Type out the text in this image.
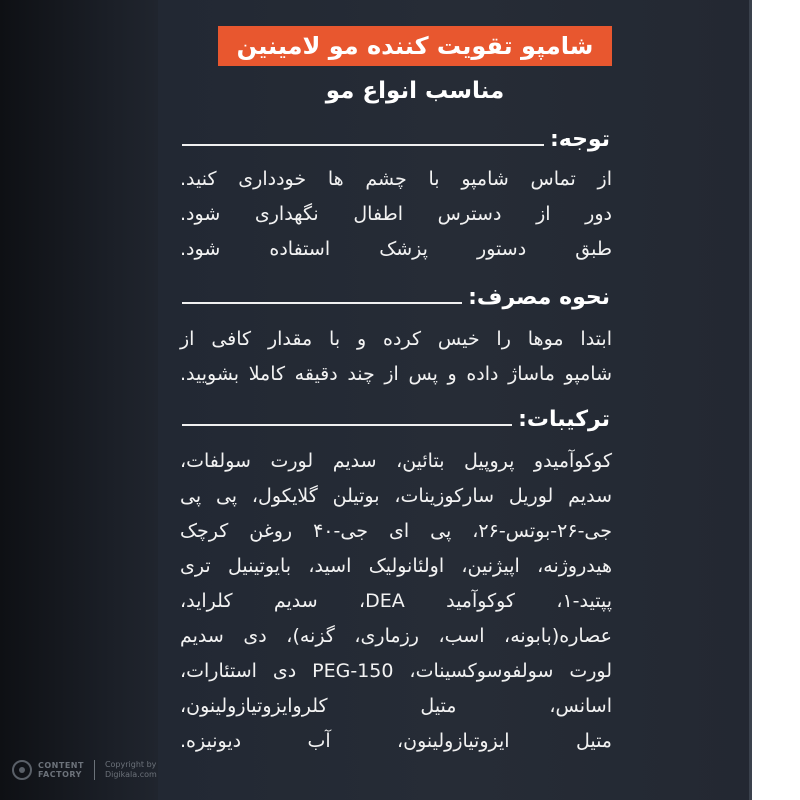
شامپو تقویت کننده مو لامینین
مناسب انواع مو
توجه:
از تماس شامپو با چشم ها خودداری کنید.
دور از دسترس اطفال نگهداری شود.
طبق دستور پزشک استفاده شود.
نحوه مصرف:
ابتدا موها را خیس کرده و با مقدار کافی از
شامپو ماساژ داده و پس از چند دقیقه کاملا بشویید.
ترکیبات:
کوکوآمیدو پروپیل بتائین، سدیم لورت سولفات،
سدیم لوریل سارکوزینات، بوتیلن گلایکول، پی پی
جی-۲۶-بوتس-۲۶، پی ای جی-۴۰ روغن کرچک
هیدروژنه، اپیژنین، اولئانولیک اسید، بایوتینیل تری
پپتید-۱، کوکوآمید DEA، سدیم کلراید،
عصاره(بابونه، اسب، رزماری، گزنه)، دی سدیم
لورت سولفوسوکسینات، PEG-150 دی استئارات،
اسانس، متیل کلروایزوتیازولینون،
متیل ایزوتیازولینون، آب دیونیزه.
CONTENT
FACTORY
Copyright by
Digikala.com
